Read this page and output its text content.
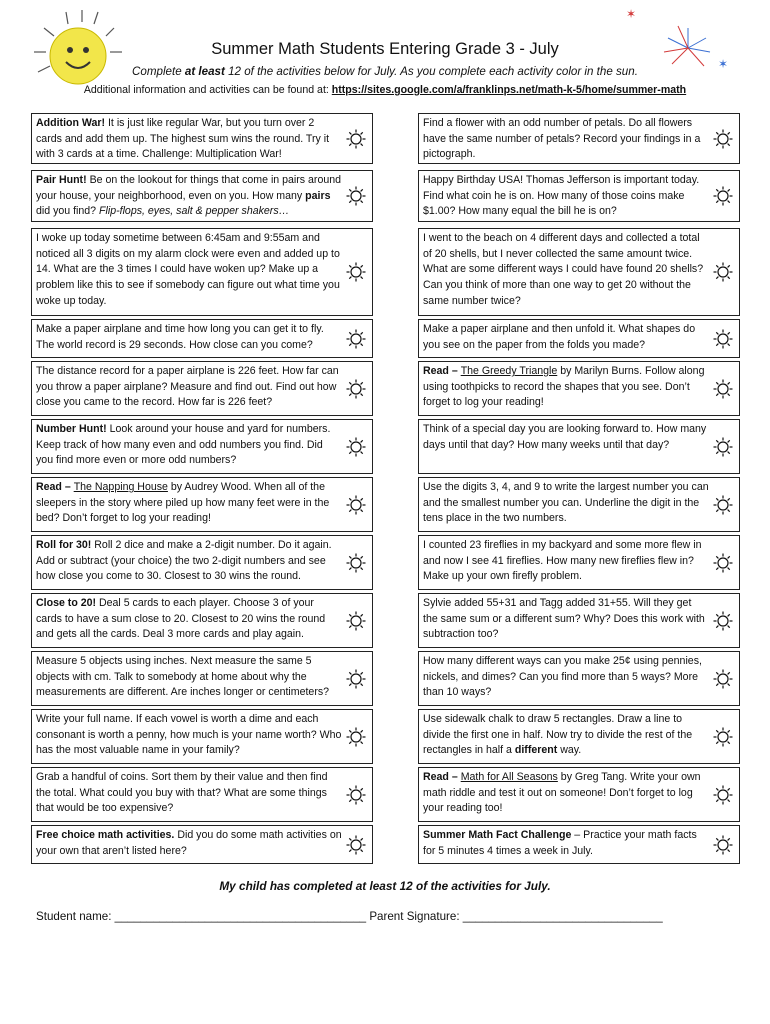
✶
✶
Summer Math Students Entering Grade 3 - July
Complete at least 12 of the activities below for July. As you complete each activity color in the sun.
Additional information and activities can be found at: https://sites.google.com/a/franklinps.net/math-k-5/home/summer-math
Addition War! It is just like regular War, but you turn over 2 cards and add them up. The highest sum wins the round. Try it with 3 cards at a time. Challenge: Multiplication War!
Pair Hunt! Be on the lookout for things that come in pairs around your house, your neighborhood, even on you. How many pairs did you find? Flip-flops, eyes, salt & pepper shakers…
I woke up today sometime between 6:45am and 9:55am and noticed all 3 digits on my alarm clock were even and added up to 14. What are the 3 times I could have woken up? Make up a problem like this to see if somebody can figure out what time you woke up today.
Make a paper airplane and time how long you can get it to fly. The world record is 29 seconds. How close can you come?
The distance record for a paper airplane is 226 feet. How far can you throw a paper airplane? Measure and find out. Find out how close you came to the record. How far is 226 feet?
Number Hunt! Look around your house and yard for numbers. Keep track of how many even and odd numbers you find. Did you find more even or more odd numbers?
Read – The Napping House by Audrey Wood. When all of the sleepers in the story where piled up how many feet were in the bed? Don’t forget to log your reading!
Roll for 30! Roll 2 dice and make a 2-digit number. Do it again. Add or subtract (your choice) the two 2-digit numbers and see how close you come to 30. Closest to 30 wins the round.
Close to 20! Deal 5 cards to each player. Choose 3 of your cards to have a sum close to 20. Closest to 20 wins the round and gets all the cards. Deal 3 more cards and play again.
Measure 5 objects using inches. Next measure the same 5 objects with cm. Talk to somebody at home about why the measurements are different. Are inches longer or centimeters?
Write your full name. If each vowel is worth a dime and each consonant is worth a penny, how much is your name worth? Who has the most valuable name in your family?
Grab a handful of coins. Sort them by their value and then find the total. What could you buy with that? What are some things that would be too expensive?
Free choice math activities. Did you do some math activities on your own that aren’t listed here?
Find a flower with an odd number of petals. Do all flowers have the same number of petals? Record your findings in a pictograph.
Happy Birthday USA! Thomas Jefferson is important today. Find what coin he is on. How many of those coins make $1.00? How many equal the bill he is on?
I went to the beach on 4 different days and collected a total of 20 shells, but I never collected the same amount twice. What are some different ways I could have found 20 shells? Can you think of more than one way to get 20 without the same number twice?
Make a paper airplane and then unfold it. What shapes do you see on the paper from the folds you made?
Read – The Greedy Triangle by Marilyn Burns. Follow along using toothpicks to record the shapes that you see. Don’t forget to log your reading!
Think of a special day you are looking forward to. How many days until that day? How many weeks until that day?
Use the digits 3, 4, and 9 to write the largest number you can and the smallest number you can. Underline the digit in the tens place in the two numbers.
I counted 23 fireflies in my backyard and some more flew in and now I see 41 fireflies. How many new fireflies flew in? Make up your own firefly problem.
Sylvie added 55+31 and Tagg added 31+55. Will they get the same sum or a different sum? Why? Does this work with subtraction too?
How many different ways can you make 25¢ using pennies, nickels, and dimes? Can you find more than 5 ways? More than 10 ways?
Use sidewalk chalk to draw 5 rectangles. Draw a line to divide the first one in half. Now try to divide the rest of the rectangles in half a different way.
Read – Math for All Seasons by Greg Tang. Write your own math riddle and test it out on someone! Don’t forget to log your reading too!
Summer Math Fact Challenge – Practice your math facts for 5 minutes 4 times a week in July.
My child has completed at least 12 of the activities for July.
Student name: _______________________________________ Parent Signature: _______________________________
